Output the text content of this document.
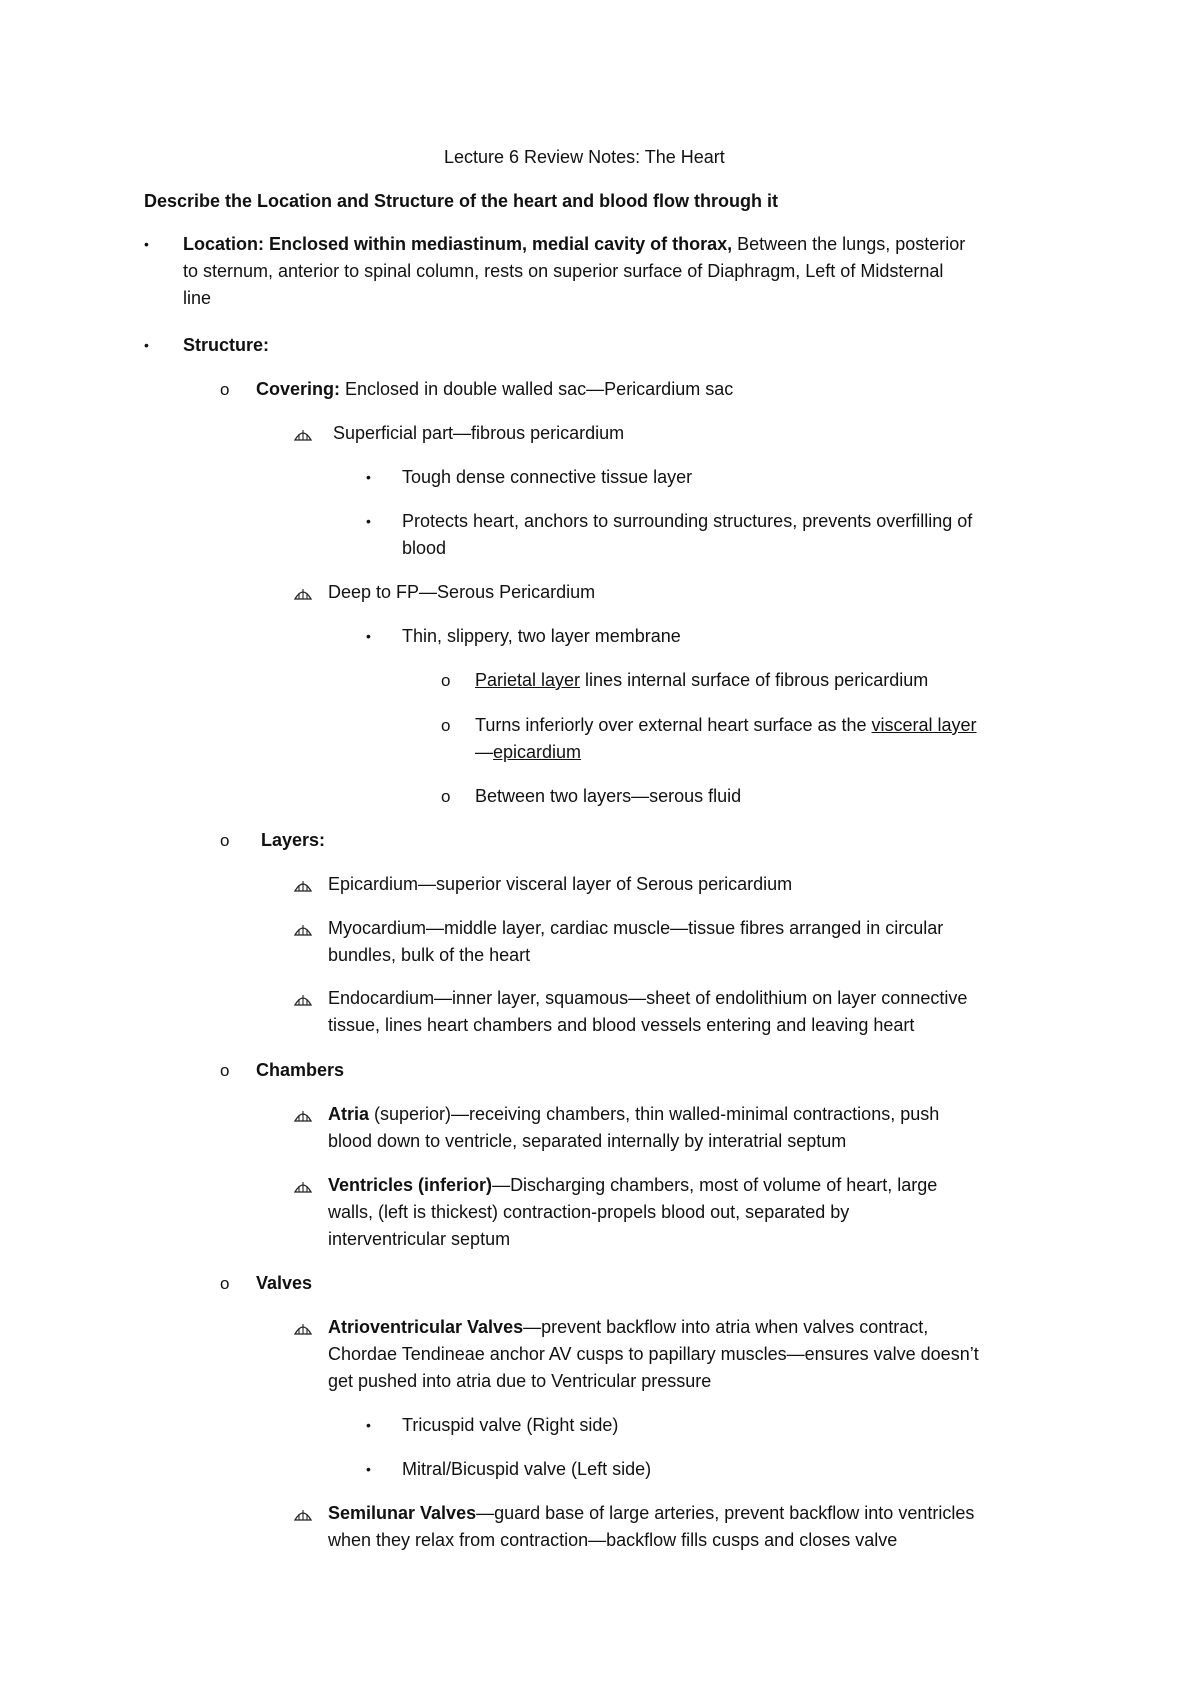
Lecture 6 Review Notes: The Heart
Describe the Location and Structure of the heart and blood flow through it
• Location: Enclosed within mediastinum, medial cavity of thorax, Between the lungs, posterior
to sternum, anterior to spinal column, rests on superior surface of Diaphragm, Left of Midsternal
line
• Structure:
o Covering: Enclosed in double walled sac—Pericardium sac
Superficial part—fibrous pericardium
• Tough dense connective tissue layer
• Protects heart, anchors to surrounding structures, prevents overfilling of
blood
Deep to FP—Serous Pericardium
• Thin, slippery, two layer membrane
o Parietal layer lines internal surface of fibrous pericardium
o Turns inferiorly over external heart surface as the visceral layer
—epicardium
o Between two layers—serous fluid
o Layers:
Epicardium—superior visceral layer of Serous pericardium
Myocardium—middle layer, cardiac muscle—tissue fibres arranged in circular
bundles, bulk of the heart
Endocardium—inner layer, squamous—sheet of endolithium on layer connective
tissue, lines heart chambers and blood vessels entering and leaving heart
o Chambers
Atria (superior)—receiving chambers, thin walled-minimal contractions, push
blood down to ventricle, separated internally by interatrial septum
Ventricles (inferior)—Discharging chambers, most of volume of heart, large
walls, (left is thickest) contraction-propels blood out, separated by
interventricular septum
o Valves
Atrioventricular Valves—prevent backflow into atria when valves contract,
Chordae Tendineae anchor AV cusps to papillary muscles—ensures valve doesn’t
get pushed into atria due to Ventricular pressure
• Tricuspid valve (Right side)
• Mitral/Bicuspid valve (Left side)
Semilunar Valves—guard base of large arteries, prevent backflow into ventricles
when they relax from contraction—backflow fills cusps and closes valve
